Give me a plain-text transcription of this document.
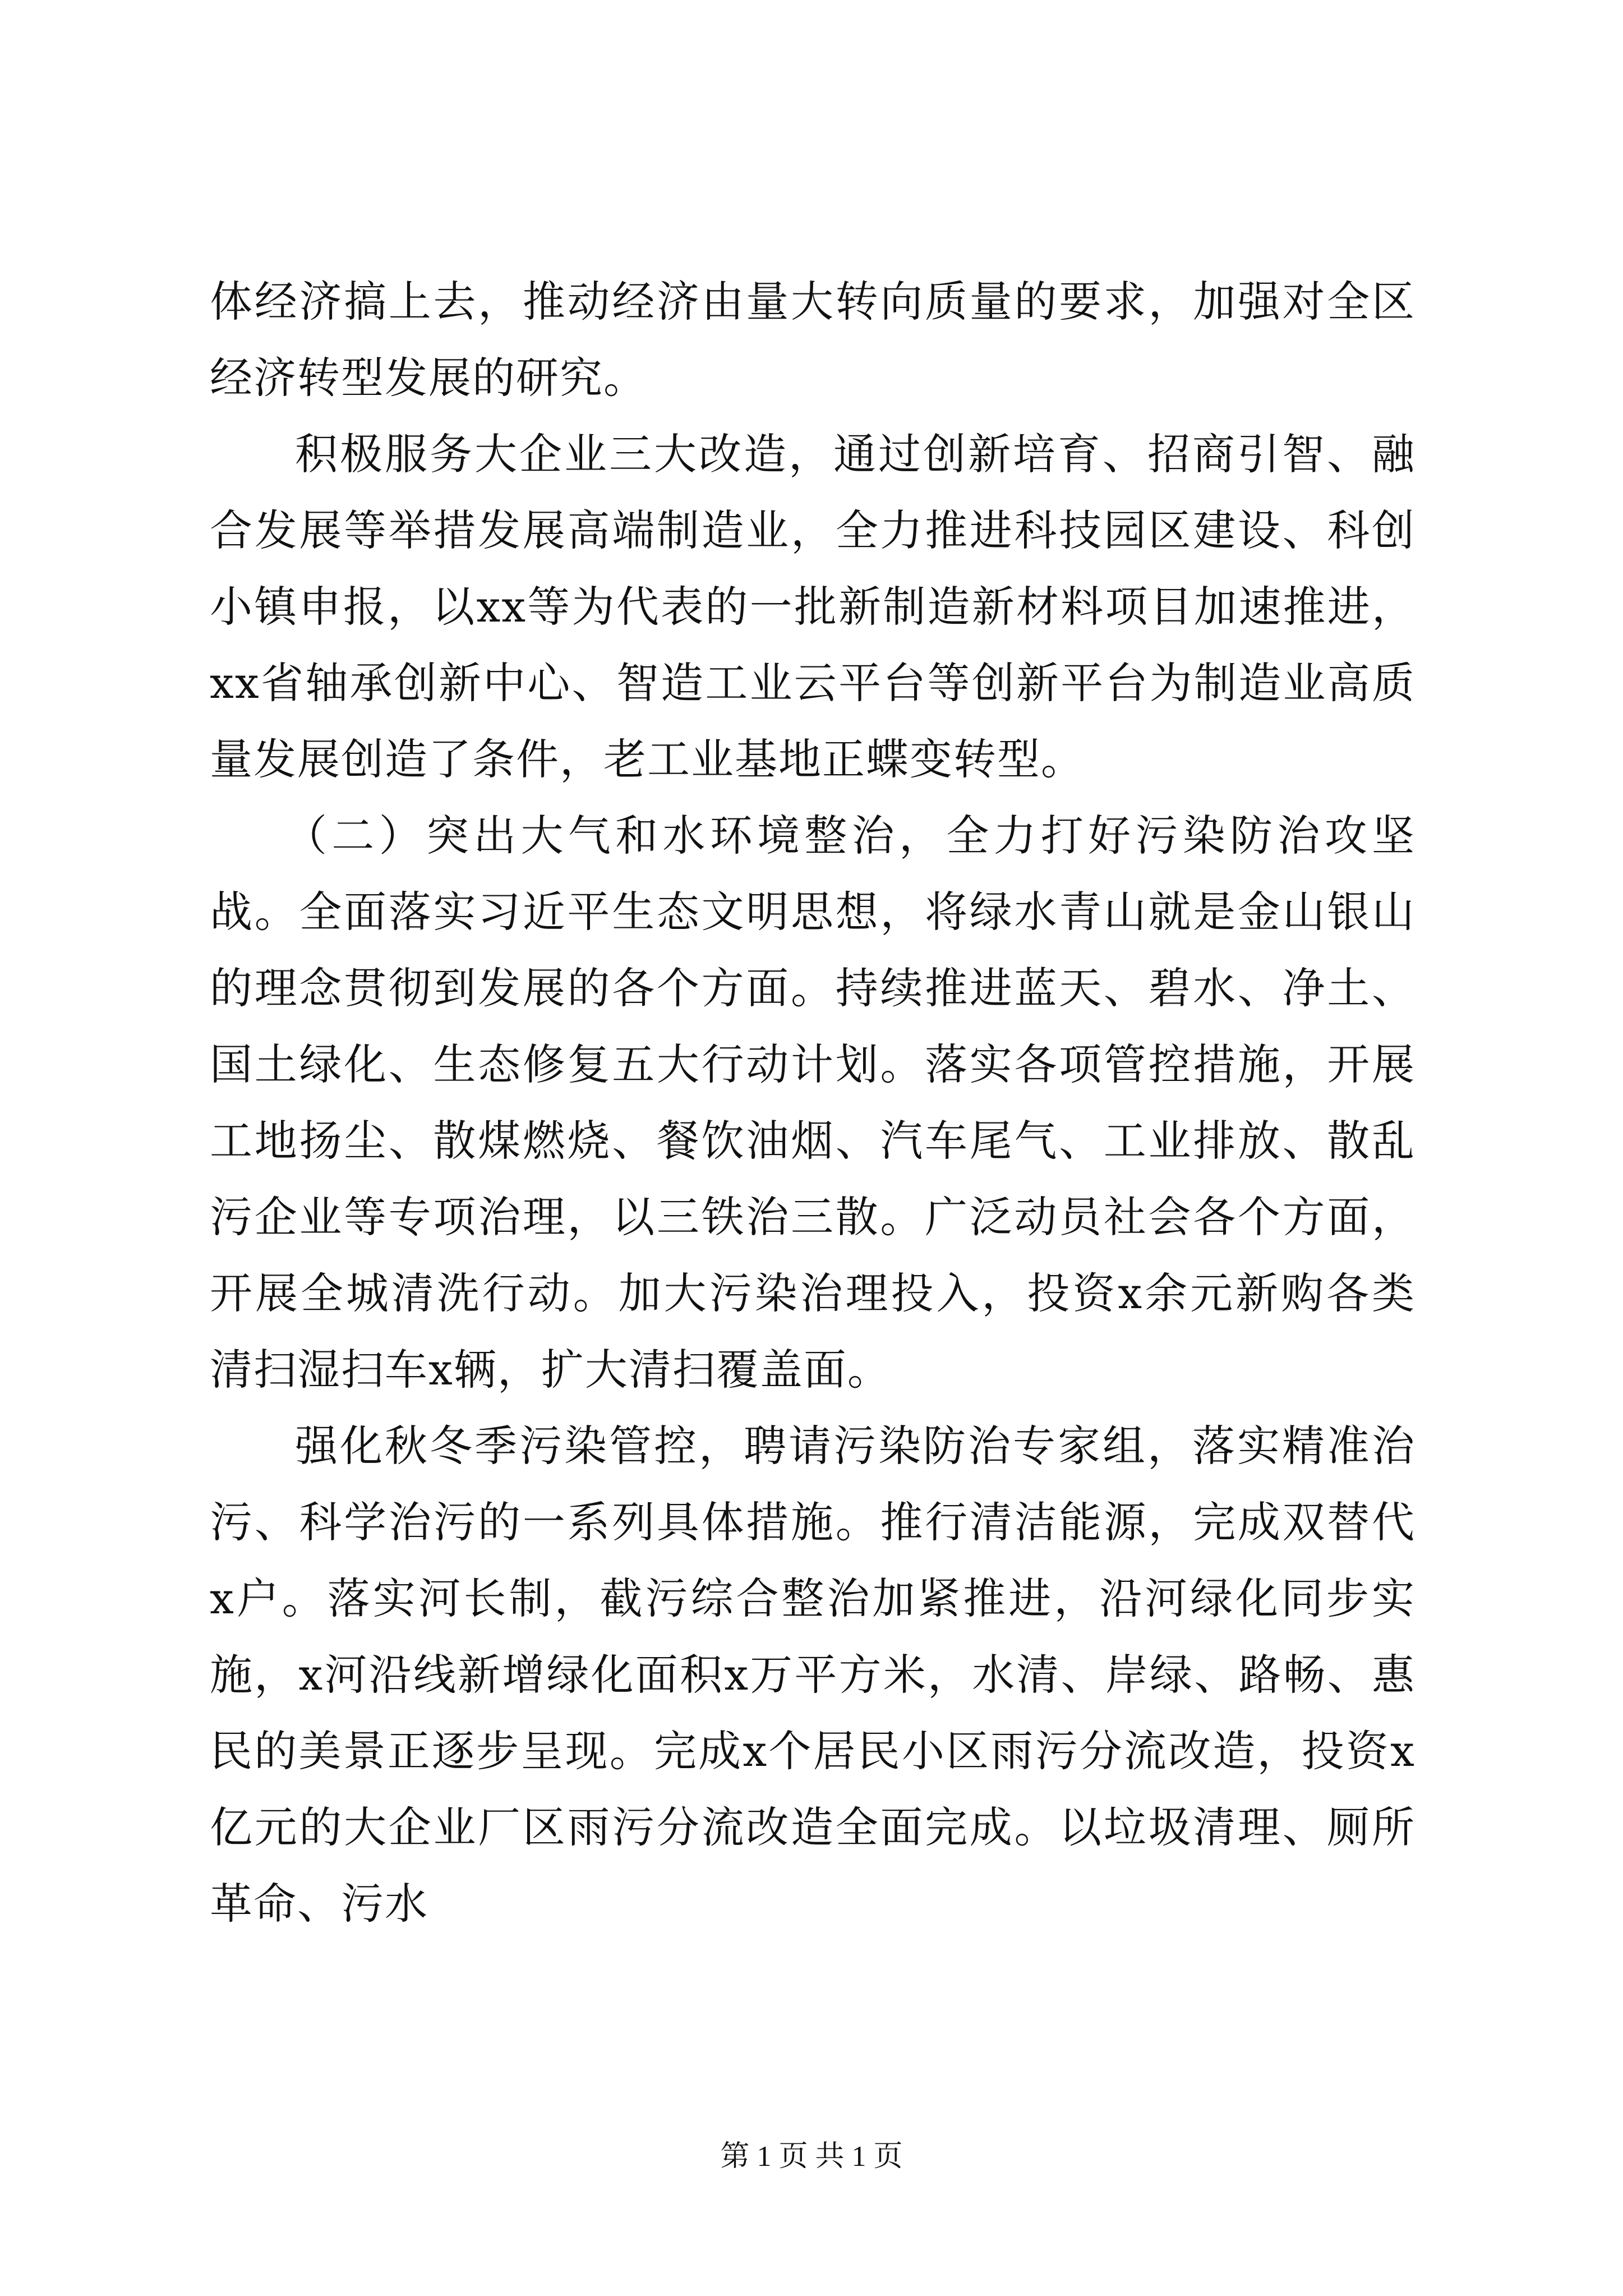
体经济搞上去，推动经济由量大转向质量的要求，加强对全区经济转型发展的研究。

积极服务大企业三大改造，通过创新培育、招商引智、融合发展等举措发展高端制造业，全力推进科技园区建设、科创小镇申报，以xx等为代表的一批新制造新材料项目加速推进，xx省轴承创新中心、智造工业云平台等创新平台为制造业高质量发展创造了条件，老工业基地正蝶变转型。

（二）突出大气和水环境整治，全力打好污染防治攻坚战。全面落实习近平生态文明思想，将绿水青山就是金山银山的理念贯彻到发展的各个方面。持续推进蓝天、碧水、净土、国土绿化、生态修复五大行动计划。落实各项管控措施，开展工地扬尘、散煤燃烧、餐饮油烟、汽车尾气、工业排放、散乱污企业等专项治理，以三铁治三散。广泛动员社会各个方面，开展全城清洗行动。加大污染治理投入，投资x余元新购各类清扫湿扫车x辆，扩大清扫覆盖面。

强化秋冬季污染管控，聘请污染防治专家组，落实精准治污、科学治污的一系列具体措施。推行清洁能源，完成双替代x户。落实河长制，截污综合整治加紧推进，沿河绿化同步实施，x河沿线新增绿化面积x万平方米，水清、岸绿、路畅、惠民的美景正逐步呈现。完成x个居民小区雨污分流改造，投资x亿元的大企业厂区雨污分流改造全面完成。以垃圾清理、厕所革命、污水

第 1 页 共 1 页
